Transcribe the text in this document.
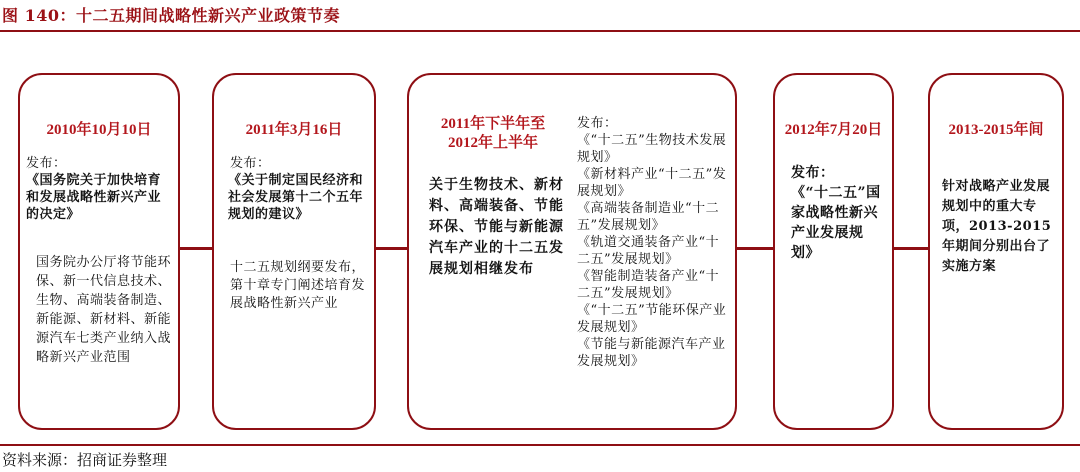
图 140：十二五期间战略性新兴产业政策节奏
2010年10月10日
发布：
《国务院关于加快培育和发展战略性新兴产业的决定》
国务院办公厅将节能环保、新一代信息技术、生物、高端装备制造、新能源、新材料、新能源汽车七类产业纳入战略新兴产业范围
2011年3月16日
发布：
《关于制定国民经济和社会发展第十二个五年规划的建议》
十二五规划纲要发布，第十章专门阐述培育发展战略性新兴产业
2011年下半年至2012年上半年
关于生物技术、新材料、高端装备、节能环保、节能与新能源汽车产业的十二五发展规划相继发布
发布：
《“十二五”生物技术发展规划》
《新材料产业“十二五”发展规划》
《高端装备制造业“十二五”发展规划》
《轨道交通装备产业“十二五”发展规划》
《智能制造装备产业“十二五”发展规划》
《“十二五”节能环保产业发展规划》
《节能与新能源汽车产业发展规划》
2012年7月20日
发布：
《“十二五”国家战略性新兴产业发展规划》
2013-2015年间
针对战略产业发展规划中的重大专项，2013-2015年期间分别出台了实施方案
资料来源：招商证券整理
